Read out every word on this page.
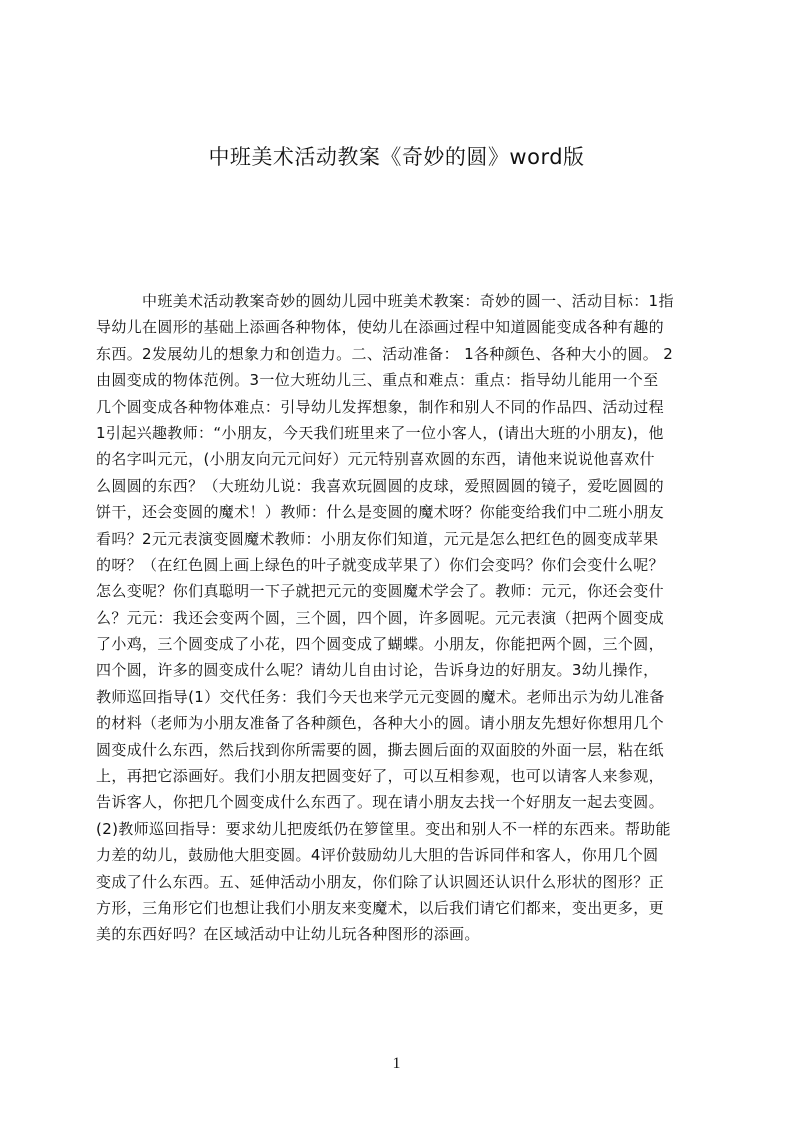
中班美术活动教案《奇妙的圆》word版
中班美术活动教案奇妙的圆幼儿园中班美术教案：奇妙的圆一、活动目标：1指
导幼儿在圆形的基础上添画各种物体，使幼儿在添画过程中知道圆能变成各种有趣的
东西。2发展幼儿的想象力和创造力。二、活动准备： 1各种颜色、各种大小的圆。 2
由圆变成的物体范例。3一位大班幼儿三、重点和难点：重点：指导幼儿能用一个至
几个圆变成各种物体难点：引导幼儿发挥想象，制作和别人不同的作品四、活动过程
1引起兴趣教师：“小朋友，今天我们班里来了一位小客人，(请出大班的小朋友)，他
的名字叫元元，(小朋友向元元问好）元元特别喜欢圆的东西，请他来说说他喜欢什
么圆圆的东西？（大班幼儿说：我喜欢玩圆圆的皮球，爱照圆圆的镜子，爱吃圆圆的
饼干，还会变圆的魔术！）教师：什么是变圆的魔术呀？你能变给我们中二班小朋友
看吗？2元元表演变圆魔术教师：小朋友你们知道，元元是怎么把红色的圆变成苹果
的呀？（在红色圆上画上绿色的叶子就变成苹果了）你们会变吗？你们会变什么呢？
怎么变呢？你们真聪明一下子就把元元的变圆魔术学会了。教师：元元，你还会变什
么？元元：我还会变两个圆，三个圆，四个圆，许多圆呢。元元表演（把两个圆变成
了小鸡，三个圆变成了小花，四个圆变成了蝴蝶。小朋友，你能把两个圆，三个圆，
四个圆，许多的圆变成什么呢？请幼儿自由讨论，告诉身边的好朋友。3幼儿操作，
教师巡回指导(1）交代任务：我们今天也来学元元变圆的魔术。老师出示为幼儿准备
的材料（老师为小朋友准备了各种颜色，各种大小的圆。请小朋友先想好你想用几个
圆变成什么东西，然后找到你所需要的圆，撕去圆后面的双面胶的外面一层，粘在纸
上，再把它添画好。我们小朋友把圆变好了，可以互相参观，也可以请客人来参观，
告诉客人，你把几个圆变成什么东西了。现在请小朋友去找一个好朋友一起去变圆。
(2)教师巡回指导：要求幼儿把废纸仍在箩筐里。变出和别人不一样的东西来。帮助能
力差的幼儿，鼓励他大胆变圆。4评价鼓励幼儿大胆的告诉同伴和客人，你用几个圆
变成了什么东西。五、延伸活动小朋友，你们除了认识圆还认识什么形状的图形？正
方形，三角形它们也想让我们小朋友来变魔术，以后我们请它们都来，变出更多，更
美的东西好吗？在区域活动中让幼儿玩各种图形的添画。
1
